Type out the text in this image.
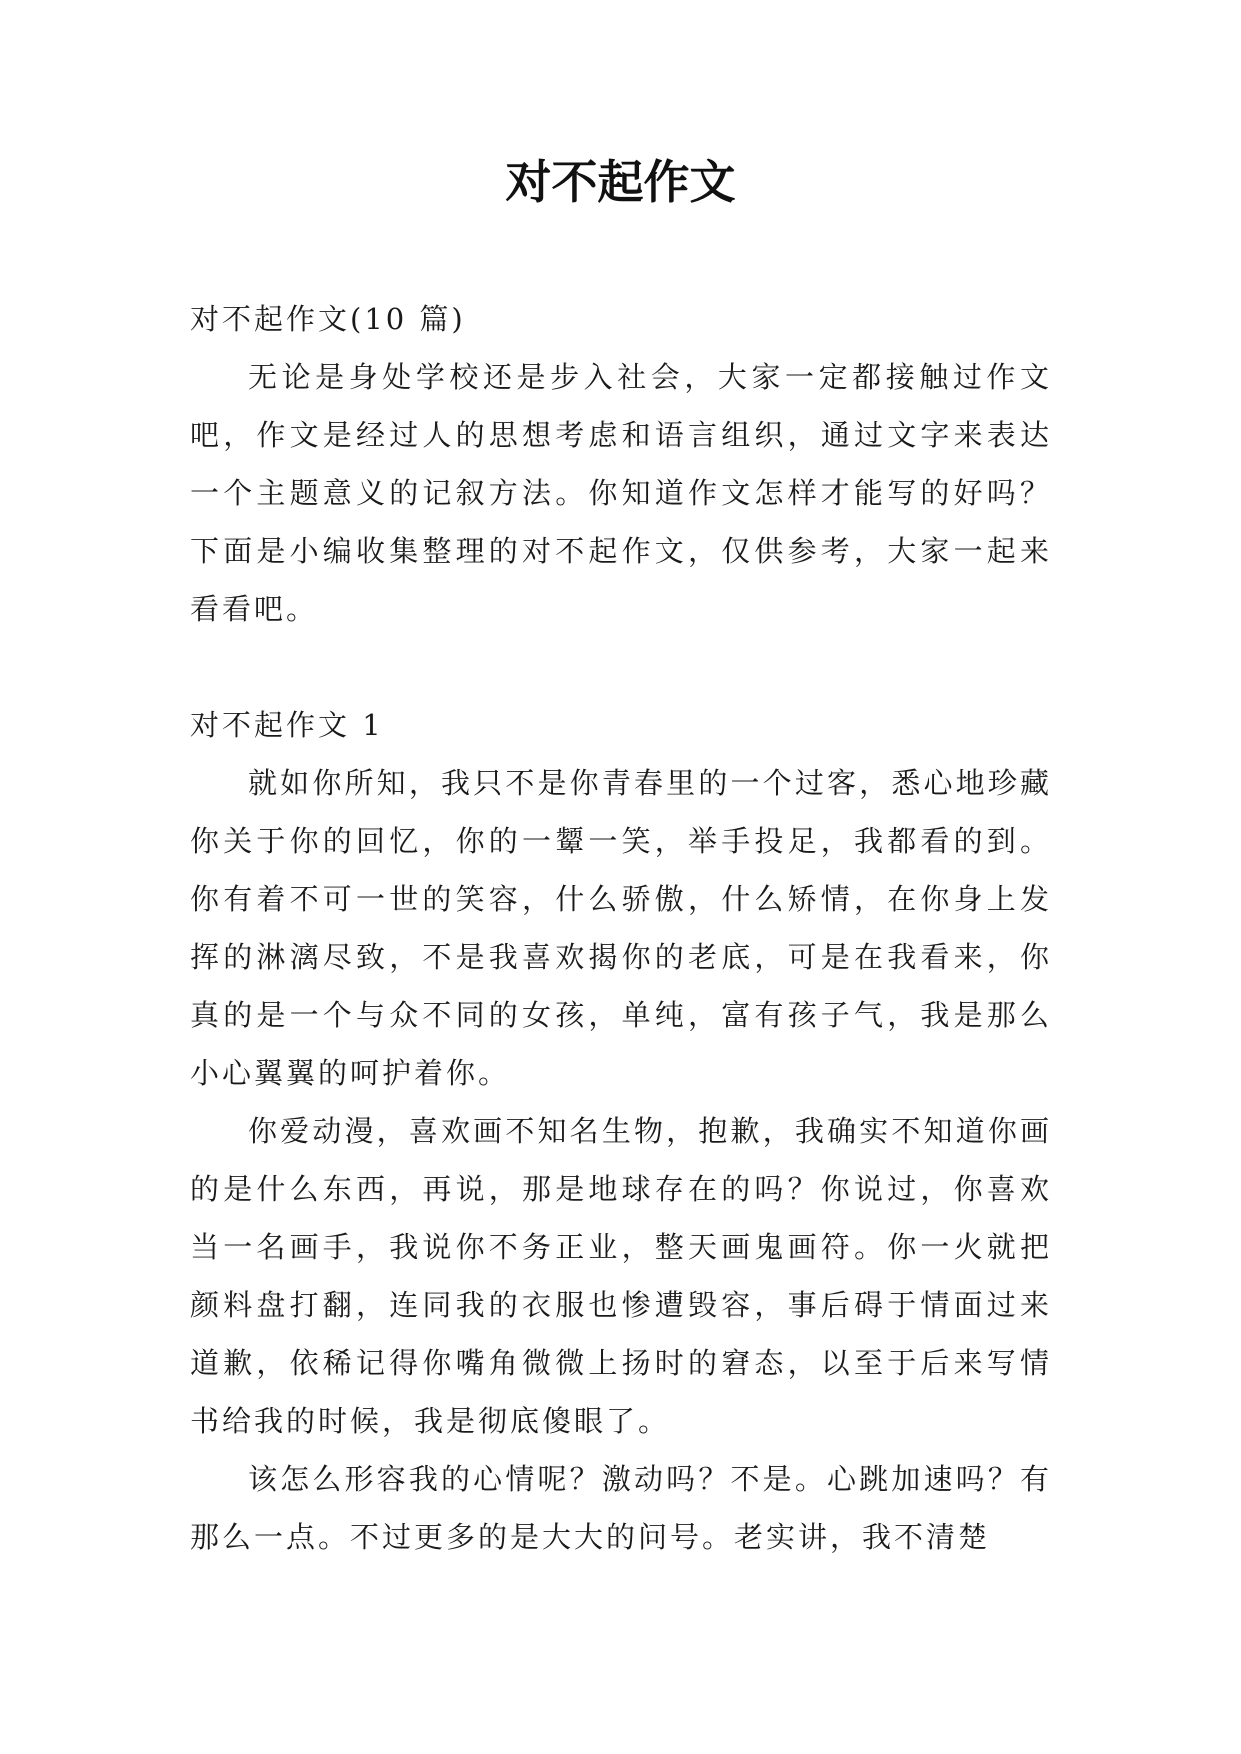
对不起作文

对不起作文(10 篇)

无论是身处学校还是步入社会，大家一定都接触过作文吧，作文是经过人的思想考虑和语言组织，通过文字来表达一个主题意义的记叙方法。你知道作文怎样才能写的好吗？下面是小编收集整理的对不起作文，仅供参考，大家一起来看看吧。

对不起作文 1

就如你所知，我只不是你青春里的一个过客，悉心地珍藏你关于你的回忆，你的一颦一笑，举手投足，我都看的到。你有着不可一世的笑容，什么骄傲，什么矫情，在你身上发挥的淋漓尽致，不是我喜欢揭你的老底，可是在我看来，你真的是一个与众不同的女孩，单纯，富有孩子气，我是那么小心翼翼的呵护着你。

你爱动漫，喜欢画不知名生物，抱歉，我确实不知道你画的是什么东西，再说，那是地球存在的吗？你说过，你喜欢当一名画手，我说你不务正业，整天画鬼画符。你一火就把颜料盘打翻，连同我的衣服也惨遭毁容，事后碍于情面过来道歉，依稀记得你嘴角微微上扬时的窘态，以至于后来写情书给我的时候，我是彻底傻眼了。

该怎么形容我的心情呢？激动吗？不是。心跳加速吗？有那么一点。不过更多的是大大的问号。老实讲，我不清楚
